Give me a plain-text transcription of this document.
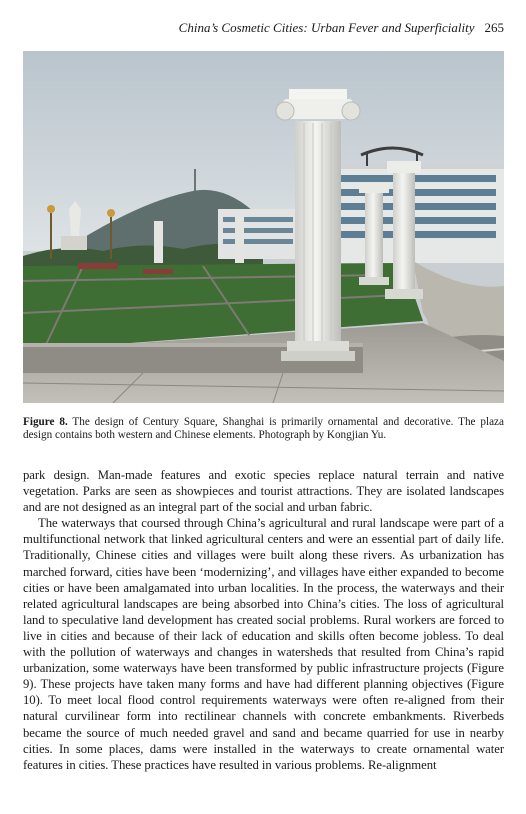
China’s Cosmetic Cities: Urban Fever and Superficiality 265
Figure 8. The design of Century Square, Shanghai is primarily ornamental and decorative. The plaza design contains both western and Chinese elements. Photograph by Kongjian Yu.

park design. Man-made features and exotic species replace natural terrain and native vegetation. Parks are seen as showpieces and tourist attractions. They are isolated landscapes and are not designed as an integral part of the social and urban fabric.

The waterways that coursed through China’s agricultural and rural landscape were part of a multifunctional network that linked agricultural centers and were an essential part of daily life. Traditionally, Chinese cities and villages were built along these rivers. As urbanization has marched forward, cities have been ‘modernizing’, and villages have either expanded to become cities or have been amalgamated into urban localities. In the process, the waterways and their related agricultural landscapes are being absorbed into China’s cities. The loss of agricultural land to speculative land development has created social problems. Rural workers are forced to live in cities and because of their lack of education and skills often become jobless. To deal with the pollution of waterways and changes in watersheds that resulted from China’s rapid urbanization, some waterways have been transformed by public infrastructure projects (Figure 9). These projects have taken many forms and have had different planning objectives (Figure 10). To meet local flood control requirements waterways were often re-aligned from their natural curvilinear form into rectilinear channels with concrete embankments. Riverbeds became the source of much needed gravel and sand and became quarried for use in nearby cities. In some places, dams were installed in the waterways to create ornamental water features in cities. These practices have resulted in various problems. Re-alignment
